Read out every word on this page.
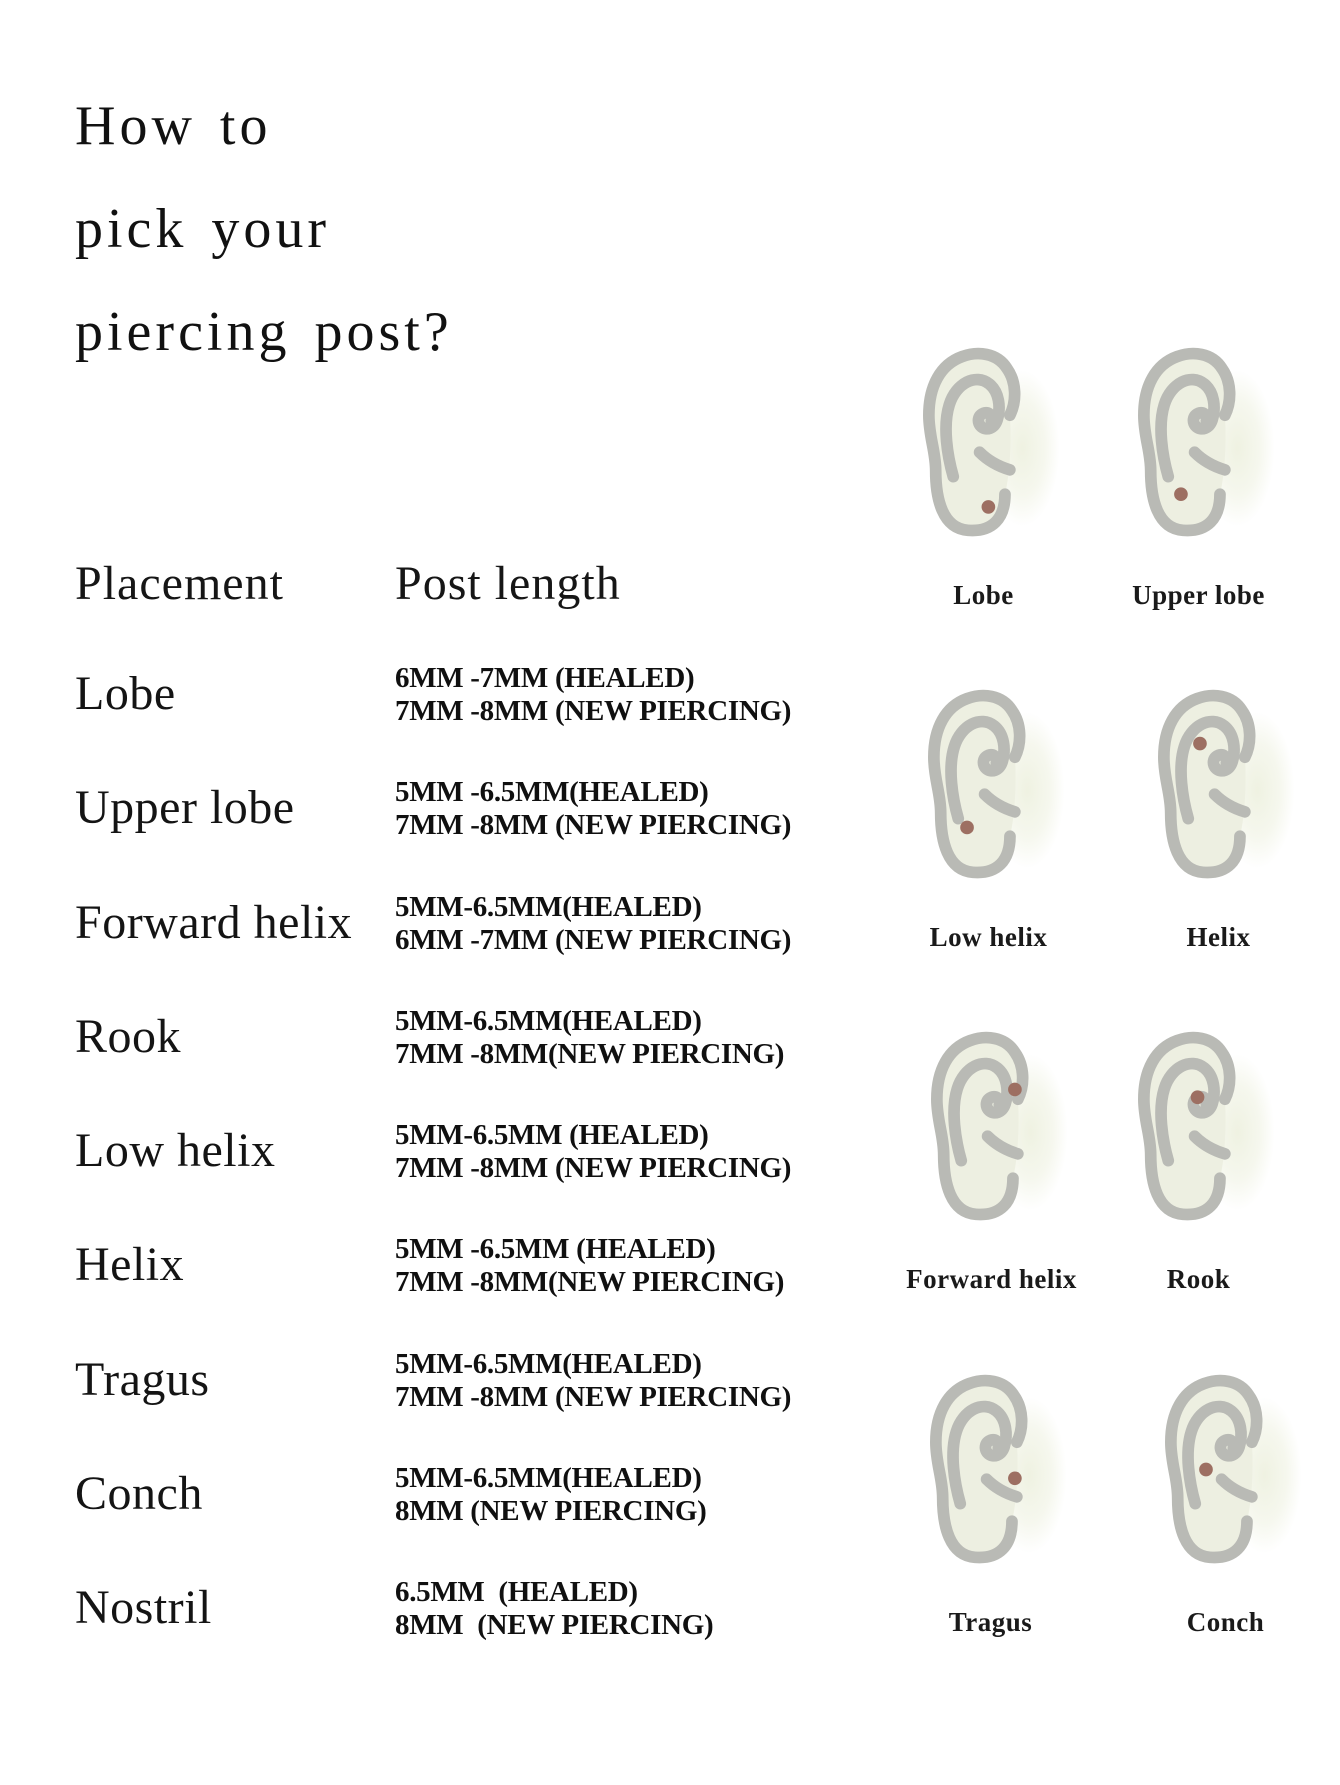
How to
pick your
piercing post?
Placement Post length
Lobe	6MM -7MM (HEALED)
7MM -8MM (NEW PIERCING)
Upper lobe	5MM -6.5MM(HEALED)
7MM -8MM (NEW PIERCING)
Forward helix 5MM-6.5MM(HEALED)
6MM -7MM (NEW PIERCING)
Rook	5MM-6.5MM(HEALED)
7MM -8MM(NEW PIERCING)
Low helix	5MM-6.5MM (HEALED)
7MM -8MM (NEW PIERCING)
Helix	5MM -6.5MM (HEALED)
7MM -8MM(NEW PIERCING)
Tragus	5MM-6.5MM(HEALED)
7MM -8MM (NEW PIERCING)
Conch	5MM-6.5MM(HEALED)
8MM (NEW PIERCING)
Nostril	6.5MM  (HEALED)
8MM  (NEW PIERCING)
Lobe	Upper lobe
Low helix	Helix
Forward helix	Rook
Tragus	Conch
